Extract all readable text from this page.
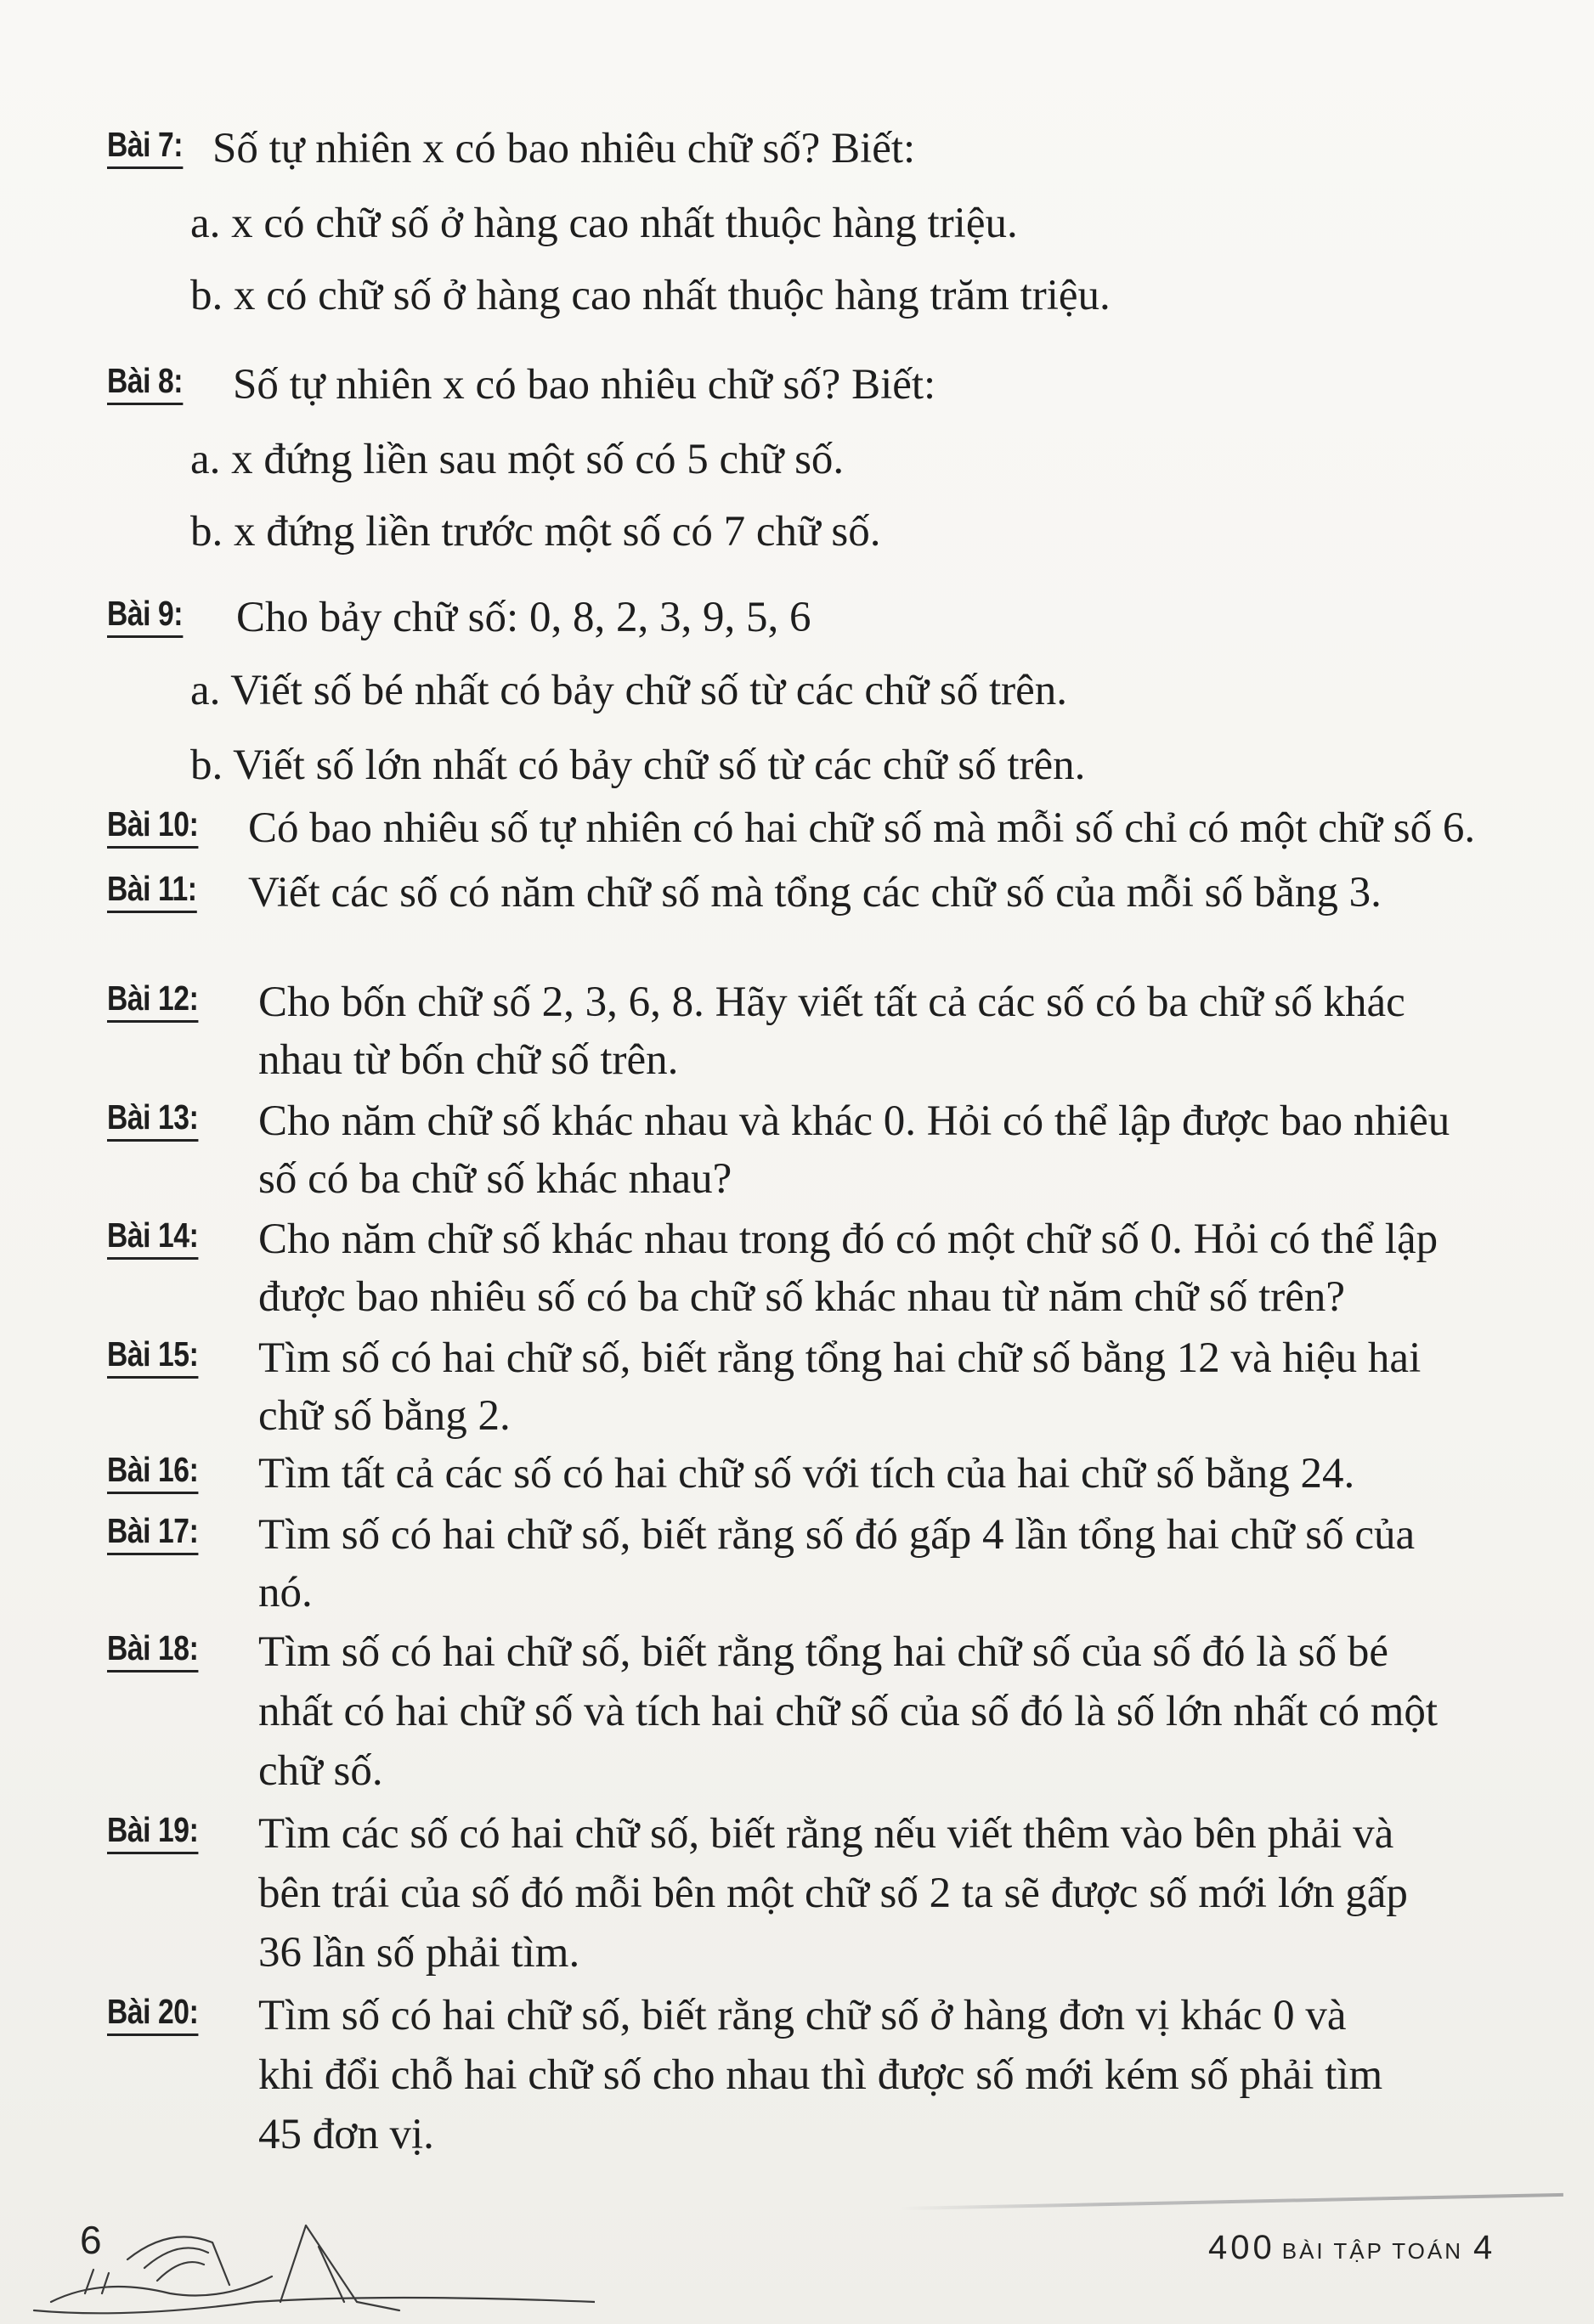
Bài 7: Số tự nhiên x có bao nhiêu chữ số? Biết:
a. x có chữ số ở hàng cao nhất thuộc hàng triệu.
b. x có chữ số ở hàng cao nhất thuộc hàng trăm triệu.
Bài 8: Số tự nhiên x có bao nhiêu chữ số? Biết:
a. x đứng liền sau một số có 5 chữ số.
b. x đứng liền trước một số có 7 chữ số.
Bài 9: Cho bảy chữ số: 0, 8, 2, 3, 9, 5, 6
a. Viết số bé nhất có bảy chữ số từ các chữ số trên.
b. Viết số lớn nhất có bảy chữ số từ các chữ số trên.
Bài 10: Có bao nhiêu số tự nhiên có hai chữ số mà mỗi số chỉ có một chữ số 6.
Bài 11: Viết các số có năm chữ số mà tổng các chữ số của mỗi số bằng 3.
Bài 12: Cho bốn chữ số 2, 3, 6, 8. Hãy viết tất cả các số có ba chữ số khác
nhau từ bốn chữ số trên.
Bài 13: Cho năm chữ số khác nhau và khác 0. Hỏi có thể lập được bao nhiêu
số có ba chữ số khác nhau?
Bài 14: Cho năm chữ số khác nhau trong đó có một chữ số 0. Hỏi có thể lập
được bao nhiêu số có ba chữ số khác nhau từ năm chữ số trên?
Bài 15: Tìm số có hai chữ số, biết rằng tổng hai chữ số bằng 12 và hiệu hai
chữ số bằng 2.
Bài 16: Tìm tất cả các số có hai chữ số với tích của hai chữ số bằng 24.
Bài 17: Tìm số có hai chữ số, biết rằng số đó gấp 4 lần tổng hai chữ số của
nó.
Bài 18: Tìm số có hai chữ số, biết rằng tổng hai chữ số của số đó là số bé
nhất có hai chữ số và tích hai chữ số của số đó là số lớn nhất có một
chữ số.
Bài 19: Tìm các số có hai chữ số, biết rằng nếu viết thêm vào bên phải và
bên trái của số đó mỗi bên một chữ số 2 ta sẽ được số mới lớn gấp
36 lần số phải tìm.
Bài 20: Tìm số có hai chữ số, biết rằng chữ số ở hàng đơn vị khác 0 và
khi đổi chỗ hai chữ số cho nhau thì được số mới kém số phải tìm
45 đơn vị.
6	400 BÀI TẬP TOÁN 4
